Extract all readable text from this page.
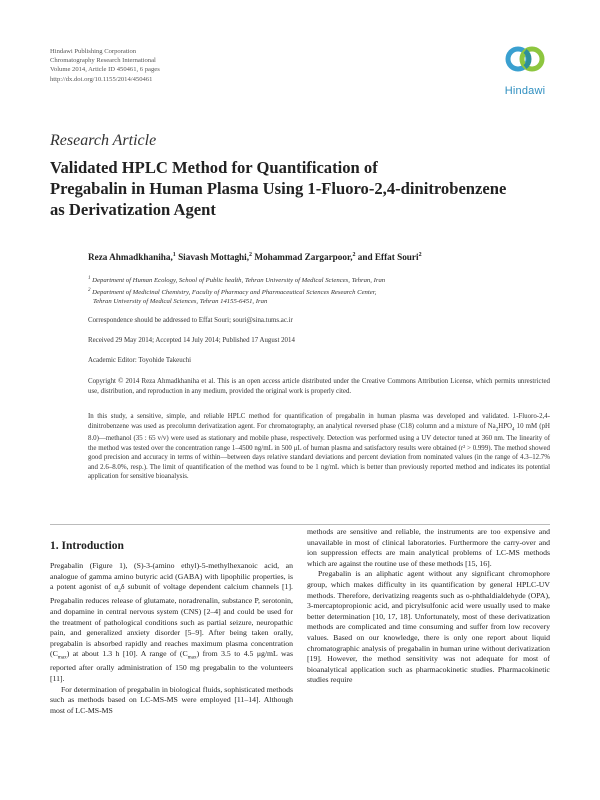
Hindawi Publishing Corporation
Chromatography Research International
Volume 2014, Article ID 450461, 6 pages
http://dx.doi.org/10.1155/2014/450461
Hindawi
Research Article
Validated HPLC Method for Quantification of
Pregabalin in Human Plasma Using 1-Fluoro-2,4-dinitrobenzene
as Derivatization Agent
Reza Ahmadkhaniha,$^1$ Siavash Mottaghi,$^2$ Mohammad Zargarpoor,$^2$ and Effat Souri$^2$
$^1$ Department of Human Ecology, School of Public health, Tehran University of Medical Sciences, Tehran, Iran
$^2$ Department of Medicinal Chemistry, Faculty of Pharmacy and Pharmaceutical Sciences Research Center,
Tehran University of Medical Sciences, Tehran 14155-6451, Iran
Correspondence should be addressed to Effat Souri; souri@sina.tums.ac.ir
Received 29 May 2014; Accepted 14 July 2014; Published 17 August 2014
Academic Editor: Toyohide Takeuchi
Copyright © 2014 Reza Ahmadkhaniha et al. This is an open access article distributed under the Creative Commons Attribution License, which permits unrestricted use, distribution, and reproduction in any medium, provided the original work is properly cited.
In this study, a sensitive, simple, and reliable HPLC method for quantification of pregabalin in human plasma was developed and validated. 1-Fluoro-2,4-dinitrobenzene was used as precolumn derivatization agent. For chromatography, an analytical reversed phase (C18) column and a mixture of $Na_2HPO_4$ 10 mM (pH 8.0)—methanol (35 : 65 v/v) were used as stationary and mobile phase, respectively. Detection was performed using a UV detector tuned at 360 nm. The linearity of the method was tested over the concentration range 1–4500 ng/mL in 500 μL of human plasma and satisfactory results were obtained (r² > 0.999). The method showed good precision and accuracy in terms of within—between days relative standard deviations and percent deviation from nominated values (in the range of 4.3–12.7% and 2.6–8.0%, resp.). The limit of quantification of the method was found to be 1 ng/mL which is better than previously reported method and indicates its potential application for sensitive bioanalysis.
1. Introduction

Pregabalin (Figure 1), (S)-3-(amino ethyl)-5-methylhexanoic acid, an analogue of gamma amino butyric acid (GABA) with lipophilic properties, is a potent agonist of $\alpha_2\delta$ subunit of voltage dependent calcium channels [1]. Pregabalin reduces release of glutamate, noradrenalin, substance P, serotonin, and dopamine in central nervous system (CNS) [2–4] and could be used for the treatment of pathological conditions such as partial seizure, neuropathic pain, and generalized anxiety disorder [5–9]. After being taken orally, pregabalin is absorbed rapidly and reaches maximum plasma concentration $(C_{max})$ at about 1.3 h [10]. A range of $(C_{max})$ from 3.5 to 4.5 μg/mL was reported after orally administration of 150 mg pregabalin to the volunteers [11].

For determination of pregabalin in biological fluids, sophisticated methods such as methods based on LC-MS-MS were employed [11–14]. Although most of LC-MS-MS

methods are sensitive and reliable, the instruments are too expensive and unavailable in most of clinical laboratories. Furthermore the carry-over and ion suppression effects are main analytical problems of LC-MS methods which are against the routine use of these methods [15, 16].

Pregabalin is an aliphatic agent without any significant chromophore group, which makes difficulty in its quantification by general HPLC-UV methods. Therefore, derivatizing reagents such as o-phthaldialdehyde (OPA), 3-mercaptopropionic acid, and picrylsulfonic acid were usually used to make better determination [10, 17, 18]. Unfortunately, most of these derivatization methods are complicated and time consuming and suffer from low recovery values. Based on our knowledge, there is only one report about liquid chromatographic analysis of pregabalin in human urine without derivatization [19]. However, the method sensitivity was not adequate for most of bioanalytical application such as pharmacokinetic studies. Pharmacokinetic studies require
